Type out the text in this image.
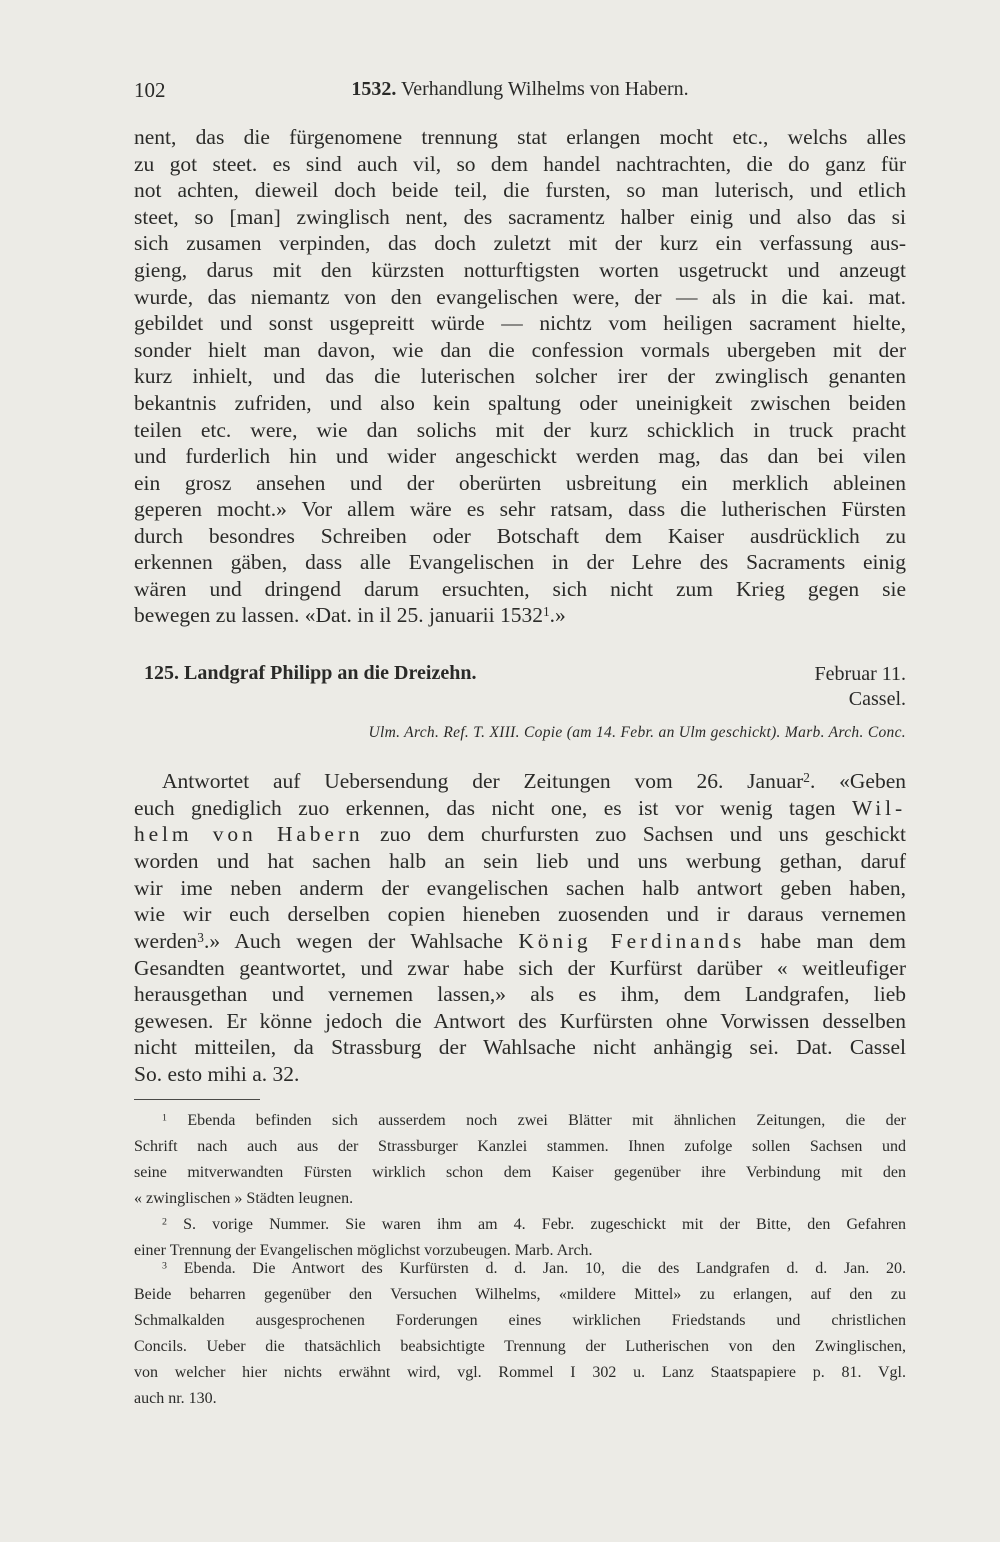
102	1532. Verhandlung Wilhelms von Habern.
nent, das die fürgenomene trennung stat erlangen mocht etc., welchs alles
zu got steet. es sind auch vil, so dem handel nachtrachten, die do ganz für
not achten, dieweil doch beide teil, die fursten, so man luterisch, und etlich
steet, so [man] zwinglisch nent, des sacramentz halber einig und also das si
sich zusamen verpinden, das doch zuletzt mit der kurz ein verfassung aus-
gieng, darus mit den kürzsten notturftigsten worten usgetruckt und anzeugt
wurde, das niemantz von den evangelischen were, der — als in die kai. mat.
gebildet und sonst usgepreitt würde — nichtz vom heiligen sacrament hielte,
sonder hielt man davon, wie dan die confession vormals ubergeben mit der
kurz inhielt, und das die luterischen solcher irer der zwinglisch genanten
bekantnis zufriden, und also kein spaltung oder uneinigkeit zwischen beiden
teilen etc. were, wie dan solichs mit der kurz schicklich in truck pracht
und furderlich hin und wider angeschickt werden mag, das dan bei vilen
ein grosz ansehen und der oberürten usbreitung ein merklich ableinen
geperen mocht.» Vor allem wäre es sehr ratsam, dass die lutherischen Fürsten
durch besondres Schreiben oder Botschaft dem Kaiser ausdrücklich zu
erkennen gäben, dass alle Evangelischen in der Lehre des Sacraments einig
wären und dringend darum ersuchten, sich nicht zum Krieg gegen sie
bewegen zu lassen. «Dat. in il 25. januarii 1532$^1$.»
125. Landgraf Philipp an die Dreizehn.	Februar 11.
Cassel.
Ulm. Arch. Ref. T. XIII. Copie (am 14. Febr. an Ulm geschickt). Marb. Arch. Conc.
Antwortet auf Uebersendung der Zeitungen vom 26. Januar$^2$. «Geben
euch gnediglich zuo erkennen, das nicht one, es ist vor wenig tagen Wil-
helm von Habern zuo dem churfursten zuo Sachsen und uns geschickt
worden und hat sachen halb an sein lieb und uns werbung gethan, daruf
wir ime neben anderm der evangelischen sachen halb antwort geben haben,
wie wir euch derselben copien hieneben zuosenden und ir daraus vernemen
werden$^3$.» Auch wegen der Wahlsache König Ferdinands habe man dem
Gesandten geantwortet, und zwar habe sich der Kurfürst darüber « weitleufiger
herausgethan und vernemen lassen,» als es ihm, dem Landgrafen, lieb
gewesen. Er könne jedoch die Antwort des Kurfürsten ohne Vorwissen desselben
nicht mitteilen, da Strassburg der Wahlsache nicht anhängig sei. Dat. Cassel
So. esto mihi a. 32.
$^1$ Ebenda befinden sich ausserdem noch zwei Blätter mit ähnlichen Zeitungen, die der
Schrift nach auch aus der Strassburger Kanzlei stammen. Ihnen zufolge sollen Sachsen und
seine mitverwandten Fürsten wirklich schon dem Kaiser gegenüber ihre Verbindung mit den
« zwinglischen » Städten leugnen.
$^2$ S. vorige Nummer. Sie waren ihm am 4. Febr. zugeschickt mit der Bitte, den Gefahren
einer Trennung der Evangelischen möglichst vorzubeugen. Marb. Arch.
$^3$ Ebenda. Die Antwort des Kurfürsten d. d. Jan. 10, die des Landgrafen d. d. Jan. 20.
Beide beharren gegenüber den Versuchen Wilhelms, «mildere Mittel» zu erlangen, auf den zu
Schmalkalden ausgesprochenen Forderungen eines wirklichen Friedstands und christlichen
Concils. Ueber die thatsächlich beabsichtigte Trennung der Lutherischen von den Zwinglischen,
von welcher hier nichts erwähnt wird, vgl. Rommel I 302 u. Lanz Staatspapiere p. 81. Vgl.
auch nr. 130.
